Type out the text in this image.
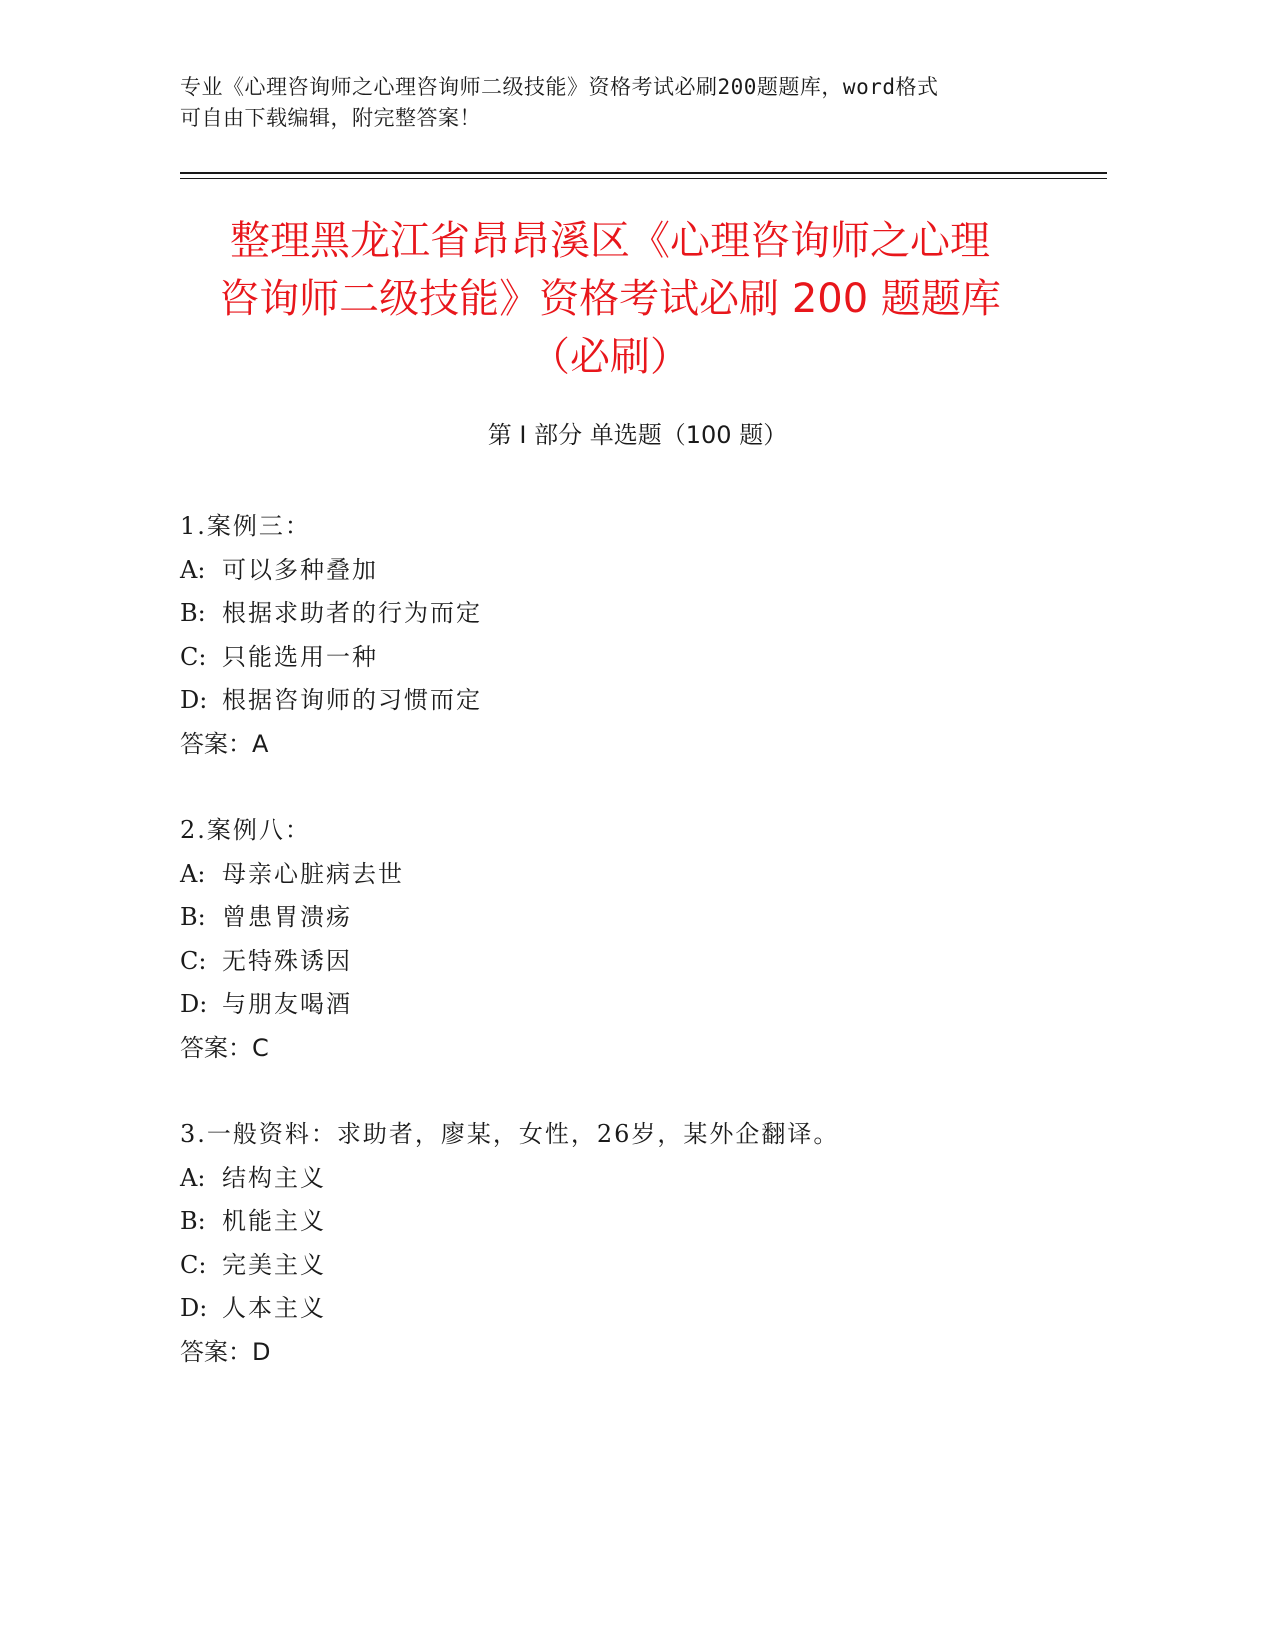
专业《心理咨询师之心理咨询师二级技能》资格考试必刷200题题库，word格式
可自由下载编辑，附完整答案！
整理黑龙江省昂昂溪区《心理咨询师之心理
咨询师二级技能》资格考试必刷 200 题题库
（必刷）
第 I 部分 单选题（100 题）
1.案例三：
A: 可以多种叠加
B: 根据求助者的行为而定
C: 只能选用一种
D: 根据咨询师的习惯而定
答案：A
2.案例八：
A: 母亲心脏病去世
B: 曾患胃溃疡
C: 无特殊诱因
D: 与朋友喝酒
答案：C
3.一般资料：求助者，廖某，女性，26岁，某外企翻译。
A: 结构主义
B: 机能主义
C: 完美主义
D: 人本主义
答案：D
